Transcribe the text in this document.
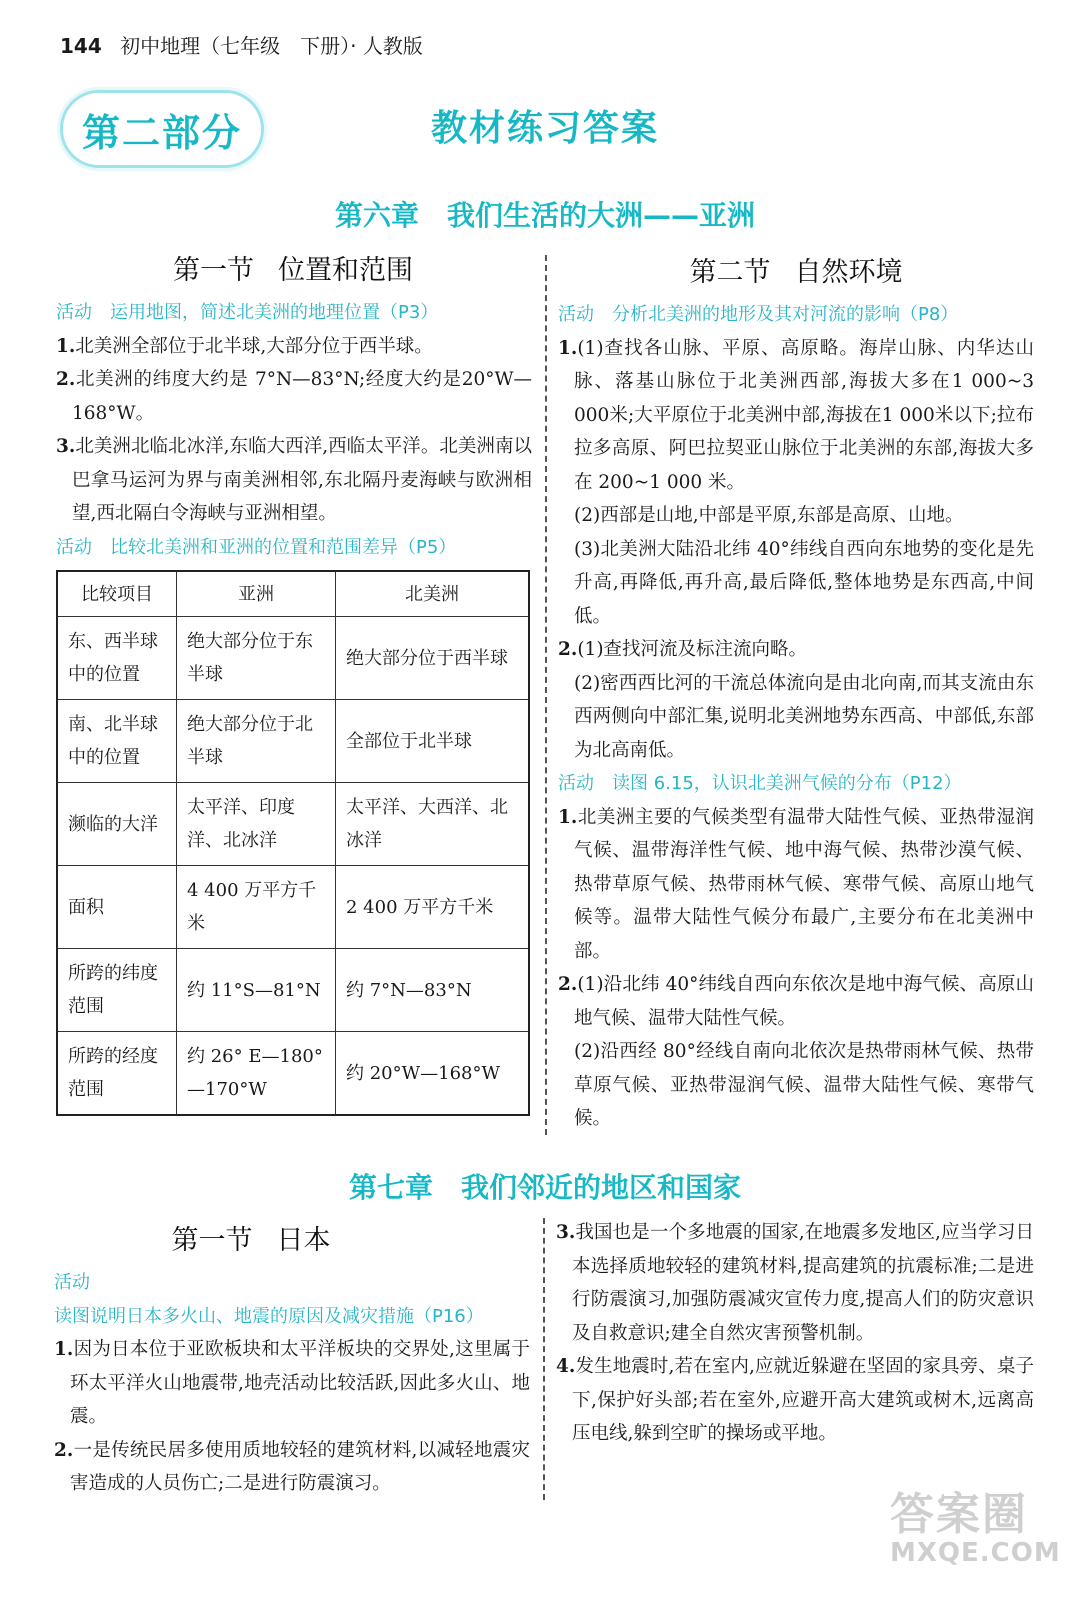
144 初中地理（七年级　下册）· 人教版
第二部分	教材练习答案
第六章 我们生活的大洲——亚洲
第一节 位置和范围	第二节 自然环境
活动 运用地图，简述北美洲的地理位置（P3）
1.北美洲全部位于北半球,大部分位于西半球。
2.北美洲的纬度大约是 7°N—83°N;经度大约是20°W—168°W。
3.北美洲北临北冰洋,东临大西洋,西临太平洋。北美洲南以巴拿马运河为界与南美洲相邻,东北隔丹麦海峡与欧洲相望,西北隔白令海峡与亚洲相望。
活动 比较北美洲和亚洲的位置和范围差异（P5）
比较项目	亚洲	北美洲
东、西半球中的位置	绝大部分位于东半球	绝大部分位于西半球
南、北半球中的位置	绝大部分位于北半球	全部位于北半球
濒临的大洋	太平洋、印度洋、北冰洋	太平洋、大西洋、北冰洋
面积	4 400 万平方千米	2 400 万平方千米
所跨的纬度范围	约 11°S—81°N	约 7°N—83°N
所跨的经度范围	约 26° E—180°—170°W	约 20°W—168°W
活动 分析北美洲的地形及其对河流的影响（P8）
1.(1)查找各山脉、平原、高原略。海岸山脉、内华达山脉、落基山脉位于北美洲西部,海拔大多在1 000~3 000米;大平原位于北美洲中部,海拔在1 000米以下;拉布拉多高原、阿巴拉契亚山脉位于北美洲的东部,海拔大多在 200~1 000 米。
(2)西部是山地,中部是平原,东部是高原、山地。
(3)北美洲大陆沿北纬 40°纬线自西向东地势的变化是先升高,再降低,再升高,最后降低,整体地势是东西高,中间低。
2.(1)查找河流及标注流向略。
(2)密西西比河的干流总体流向是由北向南,而其支流由东西两侧向中部汇集,说明北美洲地势东西高、中部低,东部为北高南低。
活动 读图 6.15，认识北美洲气候的分布（P12）
1.北美洲主要的气候类型有温带大陆性气候、亚热带湿润气候、温带海洋性气候、地中海气候、热带沙漠气候、热带草原气候、热带雨林气候、寒带气候、高原山地气候等。温带大陆性气候分布最广,主要分布在北美洲中部。
2.(1)沿北纬 40°纬线自西向东依次是地中海气候、高原山地气候、温带大陆性气候。
(2)沿西经 80°经线自南向北依次是热带雨林气候、热带草原气候、亚热带湿润气候、温带大陆性气候、寒带气候。
第七章 我们邻近的地区和国家
第一节 日本
活动读图说明日本多火山、地震的原因及减灾措施（P16）
1.因为日本位于亚欧板块和太平洋板块的交界处,这里属于环太平洋火山地震带,地壳活动比较活跃,因此多火山、地震。
2.一是传统民居多使用质地较轻的建筑材料,以减轻地震灾害造成的人员伤亡;二是进行防震演习。
3.我国也是一个多地震的国家,在地震多发地区,应当学习日本选择质地较轻的建筑材料,提高建筑的抗震标准;二是进行防震演习,加强防震减灾宣传力度,提高人们的防灾意识及自救意识;建全自然灾害预警机制。
4.发生地震时,若在室内,应就近躲避在坚固的家具旁、桌子下,保护好头部;若在室外,应避开高大建筑或树木,远离高压电线,躲到空旷的操场或平地。
答案圈
MXQE.COM
